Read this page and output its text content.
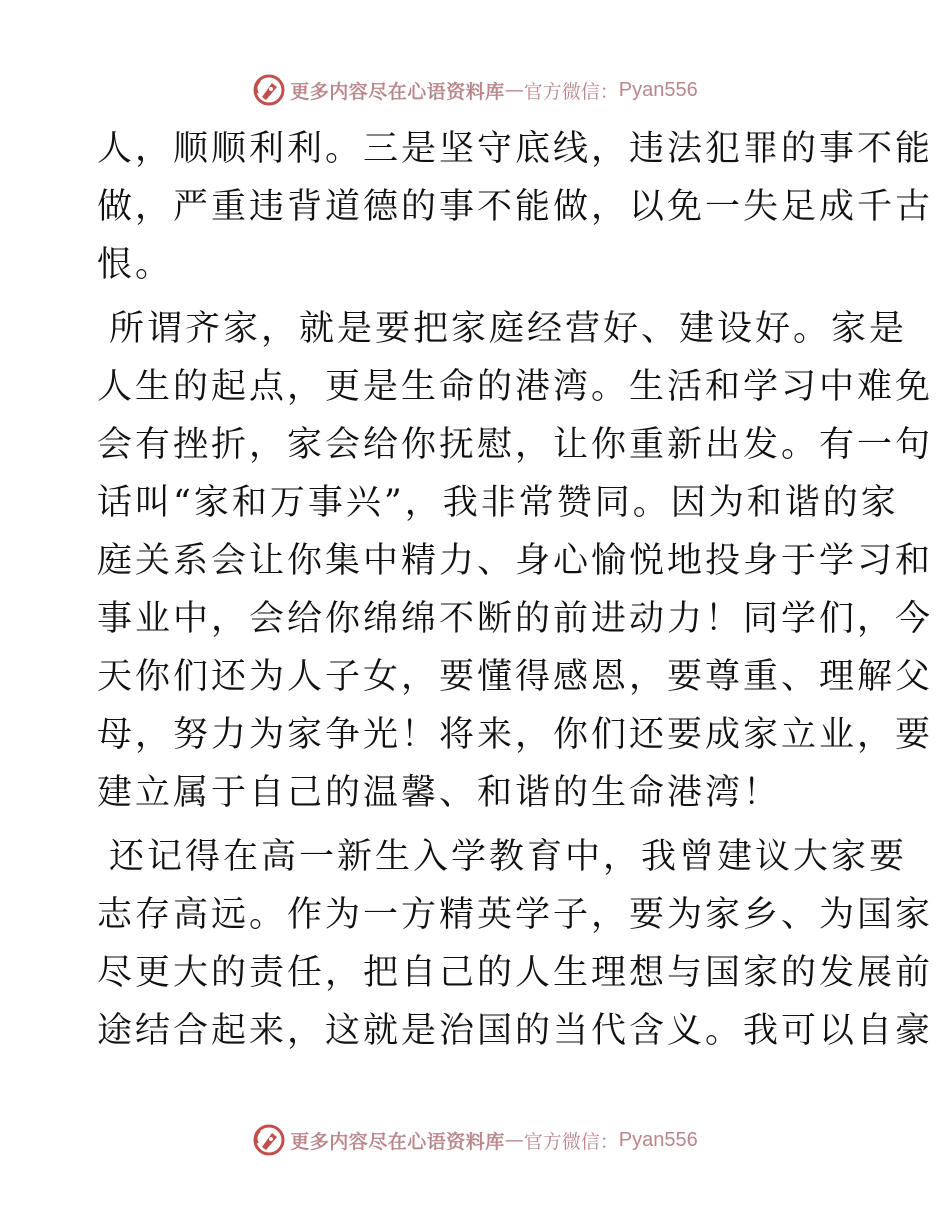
更多内容尽在心语资料库 — 官方微信： Pyan556

人，顺顺利利。三是坚守底线，违法犯罪的事不能
做，严重违背道德的事不能做，以免一失足成千古
恨。

所谓齐家，就是要把家庭经营好、建设好。家是
人生的起点，更是生命的港湾。生活和学习中难免
会有挫折，家会给你抚慰，让你重新出发。有一句
话叫“家和万事兴”，我非常赞同。因为和谐的家
庭关系会让你集中精力、身心愉悦地投身于学习和
事业中，会给你绵绵不断的前进动力！同学们，今
天你们还为人子女，要懂得感恩，要尊重、理解父
母，努力为家争光！将来，你们还要成家立业，要
建立属于自己的温馨、和谐的生命港湾！

还记得在高一新生入学教育中，我曾建议大家要
志存高远。作为一方精英学子，要为家乡、为国家
尽更大的责任，把自己的人生理想与国家的发展前
途结合起来，这就是治国的当代含义。我可以自豪

更多内容尽在心语资料库 — 官方微信： Pyan556
